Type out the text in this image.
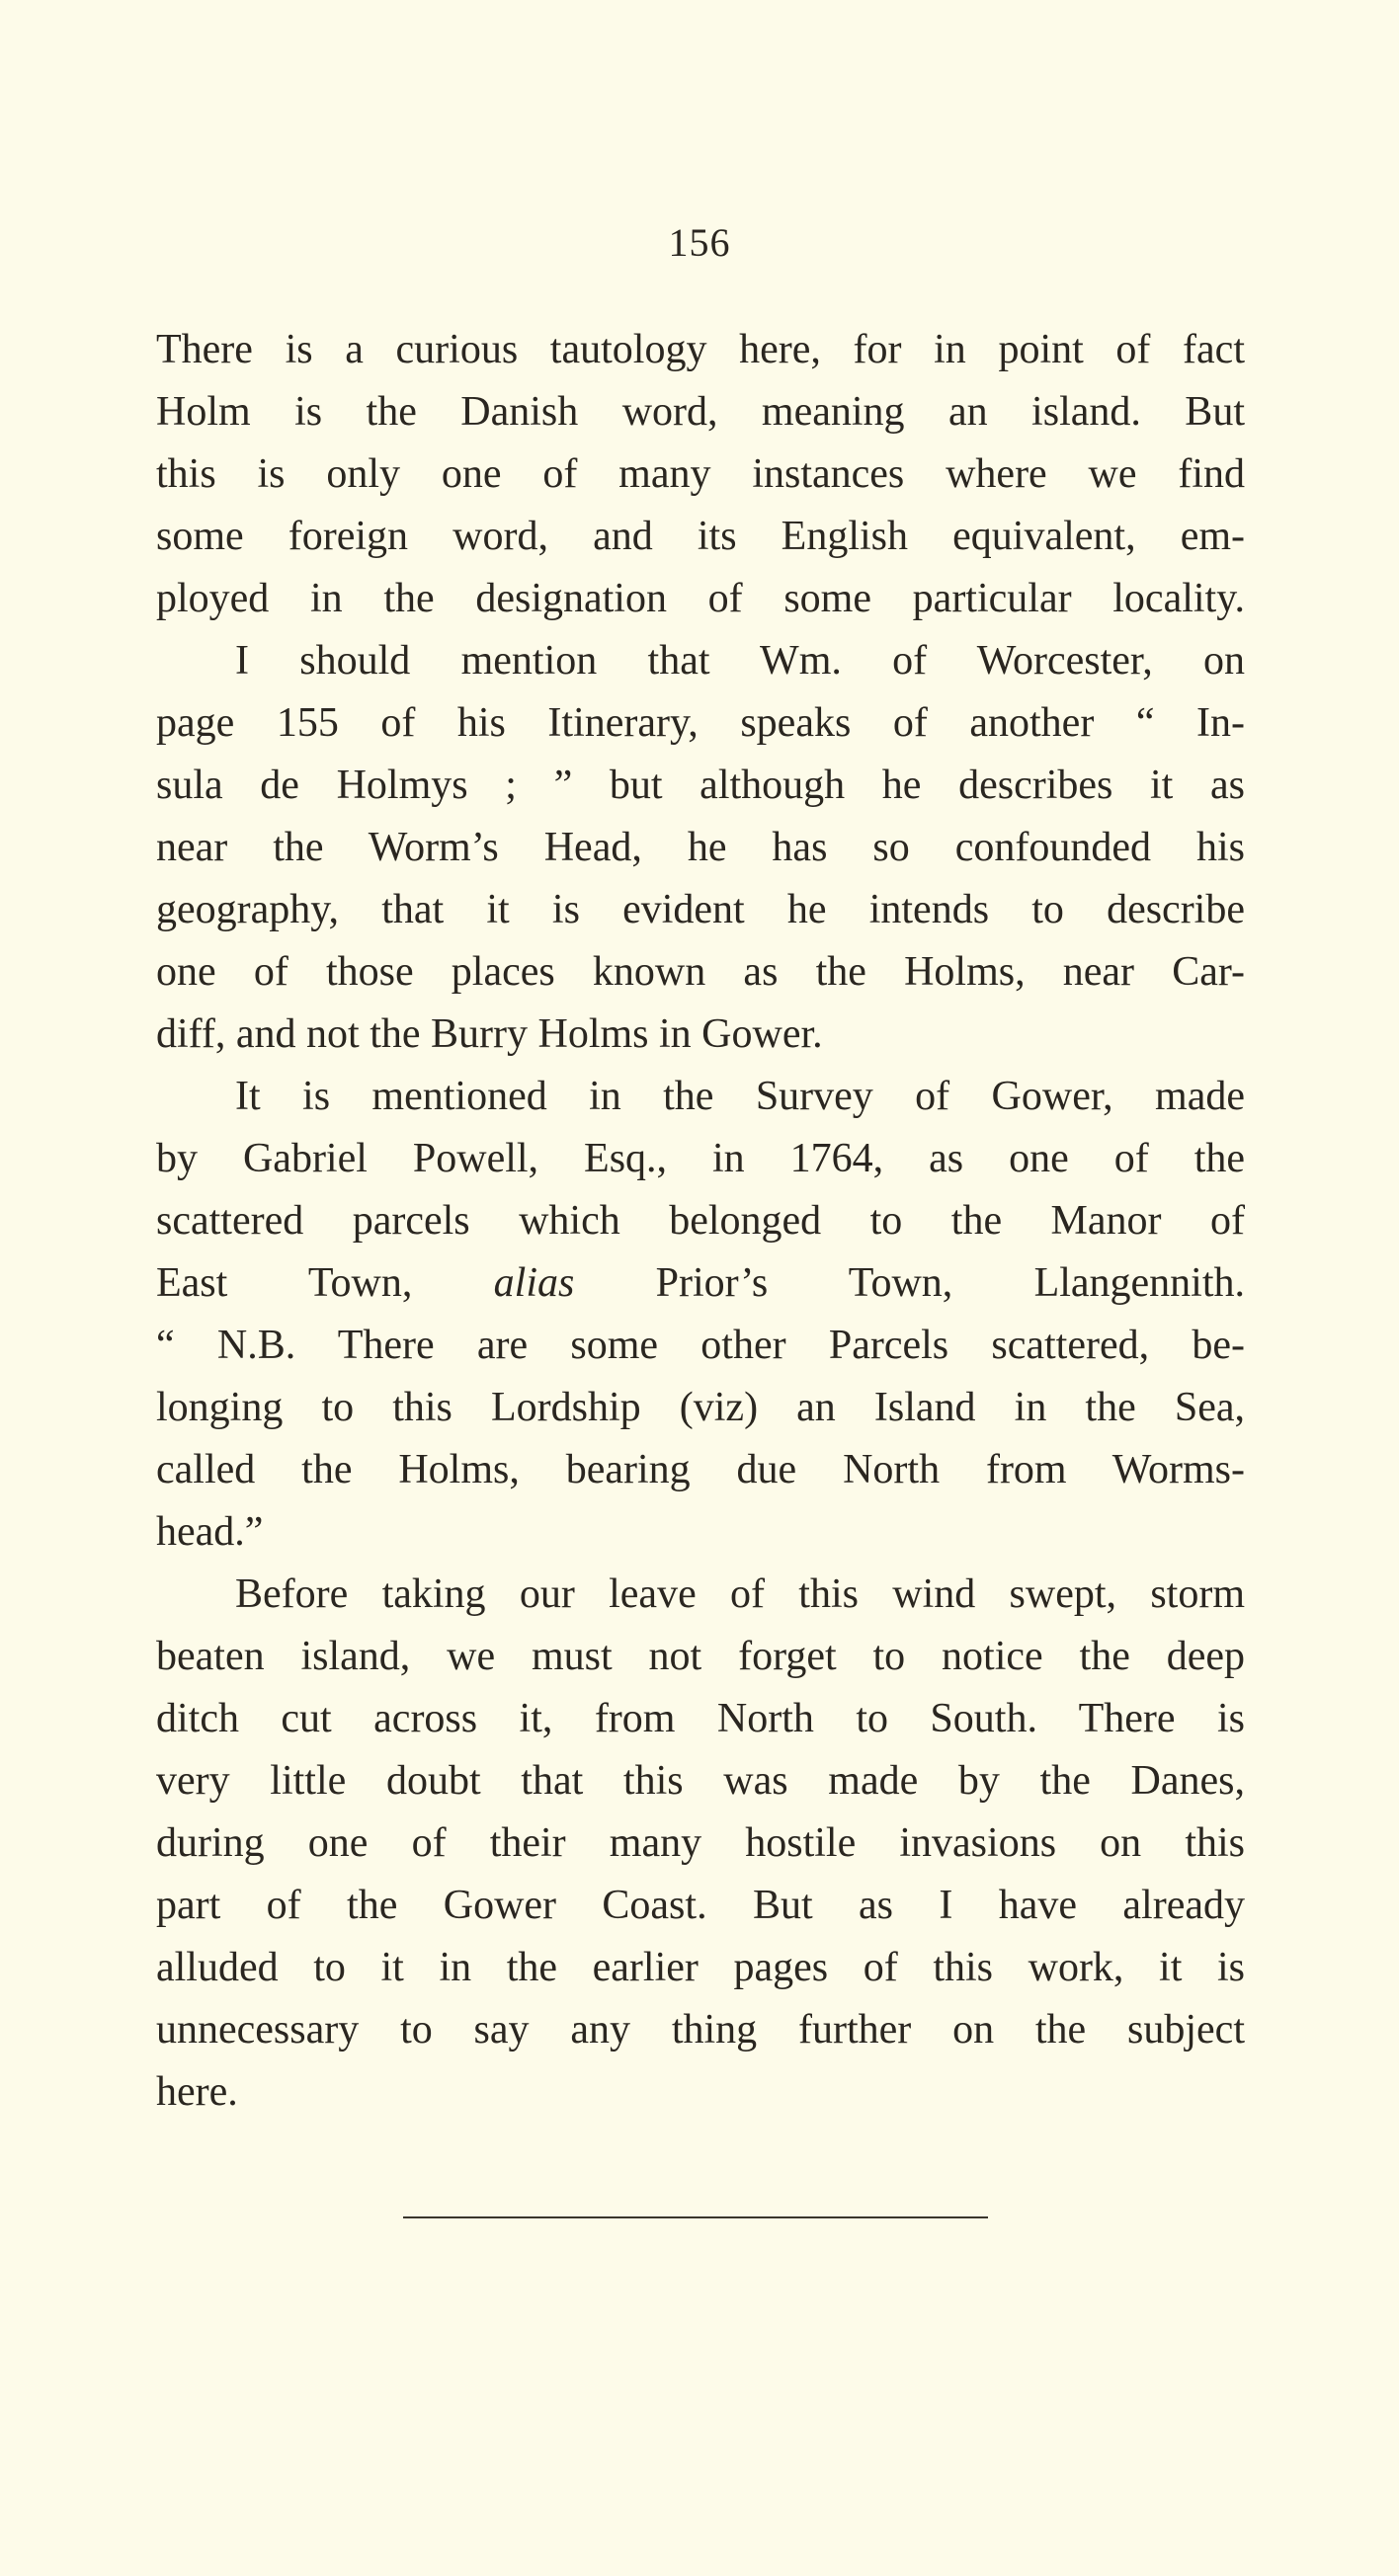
156
There is a curious tautology here, for in point of fact
Holm is the Danish word, meaning an island. But
this is only one of many instances where we find
some foreign word, and its English equivalent, em-
ployed in the designation of some particular locality.
I should mention that Wm. of Worcester, on
page 155 of his Itinerary, speaks of another “ In-
sula de Holmys ; ” but although he describes it as
near the Worm’s Head, he has so confounded his
geography, that it is evident he intends to describe
one of those places known as the Holms, near Car-
diff, and not the Burry Holms in Gower.
It is mentioned in the Survey of Gower, made
by Gabriel Powell, Esq., in 1764, as one of the
scattered parcels which belonged to the Manor of
East Town, alias Prior’s Town, Llangennith.
“ N.B. There are some other Parcels scattered, be-
longing to this Lordship (viz) an Island in the Sea,
called the Holms, bearing due North from Worms-
head.”
Before taking our leave of this wind swept, storm
beaten island, we must not forget to notice the deep
ditch cut across it, from North to South. There is
very little doubt that this was made by the Danes,
during one of their many hostile invasions on this
part of the Gower Coast. But as I have already
alluded to it in the earlier pages of this work, it is
unnecessary to say any thing further on the subject
here.
